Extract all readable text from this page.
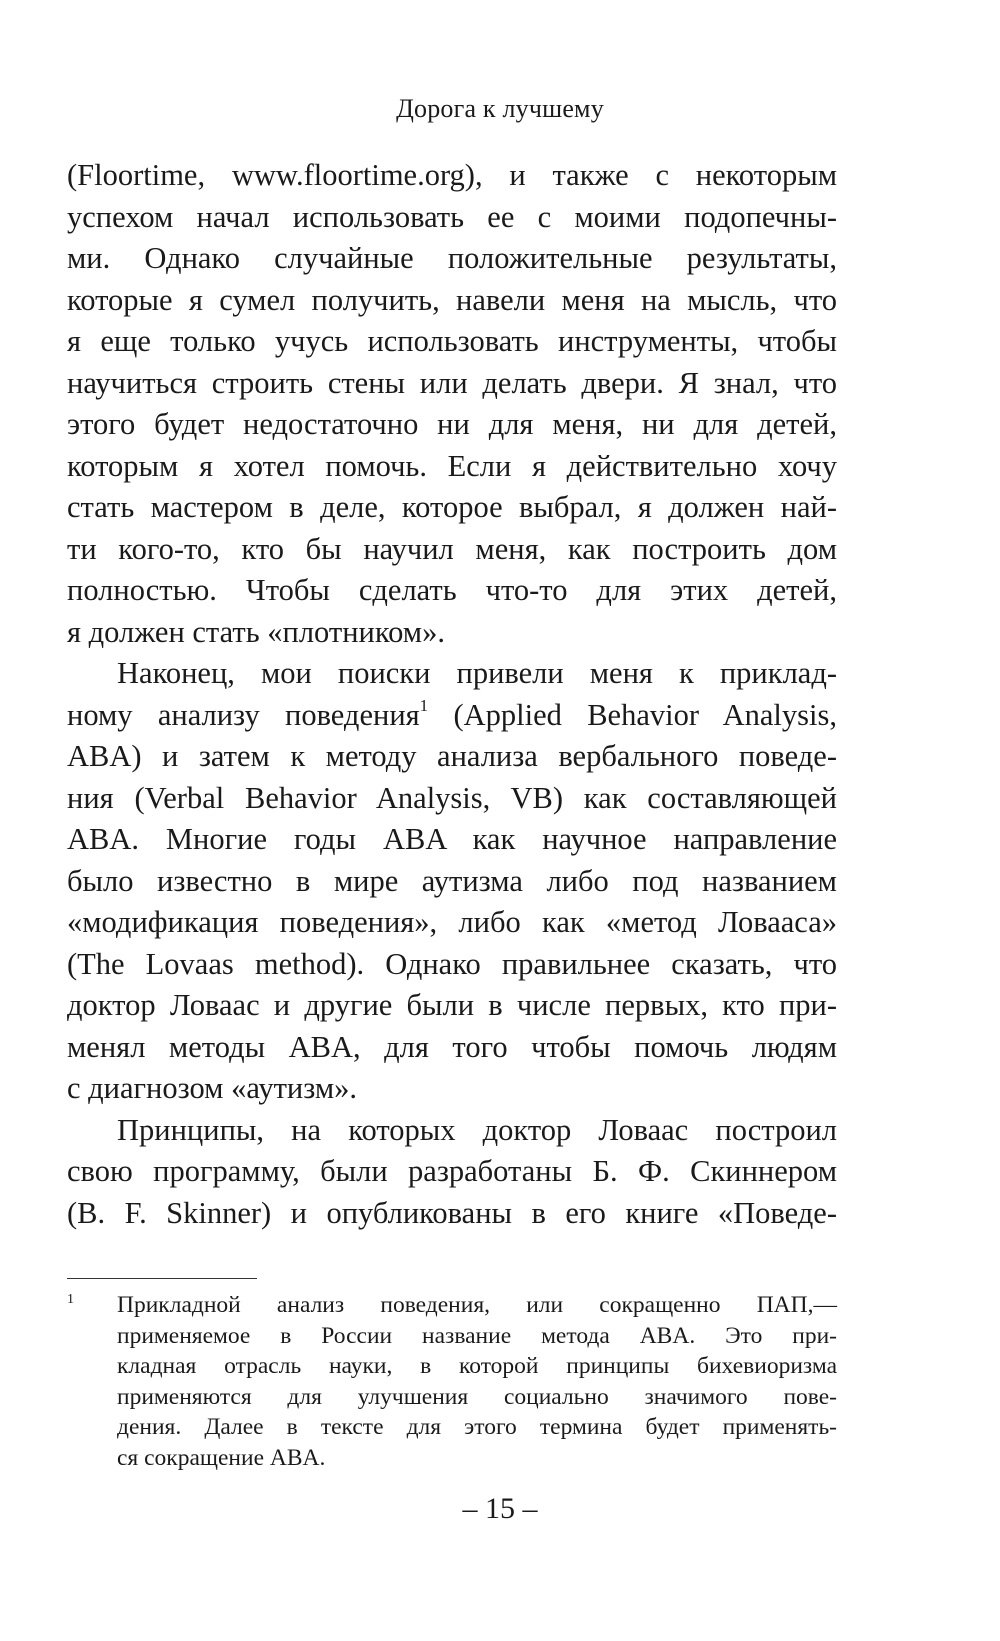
Дорога к лучшему
(Floortime, www.floortime.org), и также с некоторым
успехом начал использовать ее с моими подопечны-
ми. Однако случайные положительные результаты,
которые я сумел получить, навели меня на мысль, что
я еще только учусь использовать инструменты, чтобы
научиться строить стены или делать двери. Я знал, что
этого будет недостаточно ни для меня, ни для детей,
которым я хотел помочь. Если я действительно хочу
стать мастером в деле, которое выбрал, я должен най-
ти кого-то, кто бы научил меня, как построить дом
полностью. Чтобы сделать что-то для этих детей,
я должен стать «плотником».
Наконец, мои поиски привели меня к приклад-
ному анализу поведения$^1$ (Applied Behavior Analysis,
ABA) и затем к методу анализа вербального поведе-
ния (Verbal Behavior Analysis, VB) как составляющей
ABA. Многие годы ABA как научное направление
было известно в мире аутизма либо под названием
«модификация поведения», либо как «метод Ловааса»
(The Lovaas method). Однако правильнее сказать, что
доктор Ловаас и другие были в числе первых, кто при-
менял методы ABA, для того чтобы помочь людям
с диагнозом «аутизм».
Принципы, на которых доктор Ловаас построил
свою программу, были разработаны Б. Ф. Скиннером
(B. F. Skinner) и опубликованы в его книге «Поведе-
1 Прикладной анализ поведения, или сокращенно ПАП,—
применяемое в России название метода ABA. Это при-
кладная отрасль науки, в которой принципы бихевиоризма
применяются для улучшения социально значимого пове-
дения. Далее в тексте для этого термина будет применять-
ся сокращение ABA.
– 15 –
